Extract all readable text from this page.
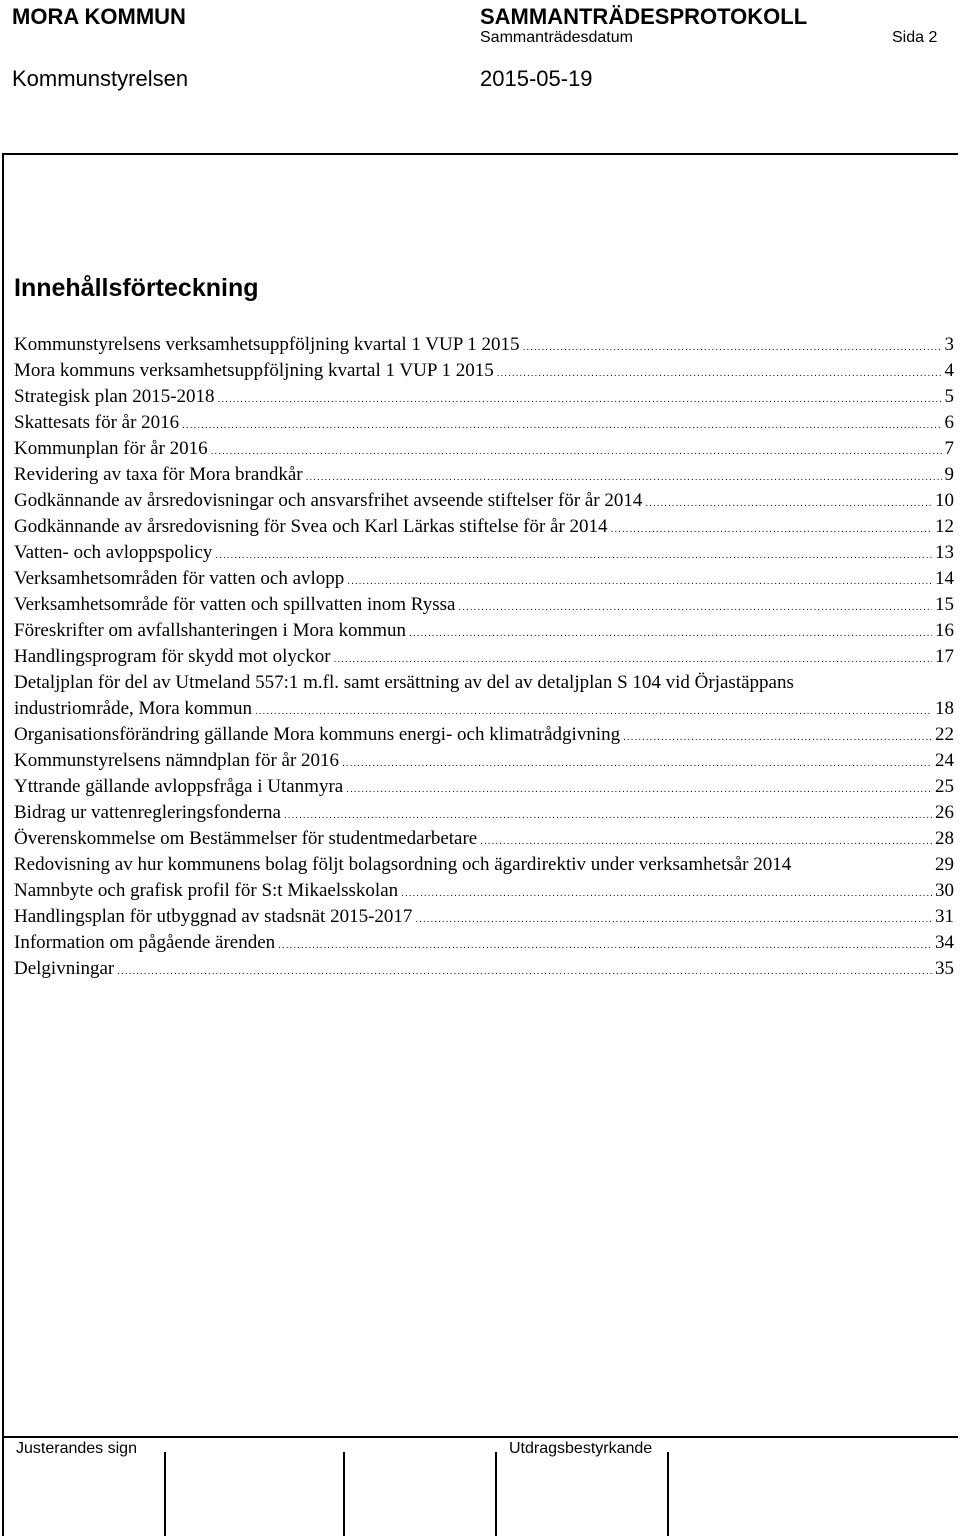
MORA KOMMUN	SAMMANTRÄDESPROTOKOLL
Sammanträdesdatum	Sida 2
Kommunstyrelsen	2015-05-19
Innehållsförteckning
Kommunstyrelsens verksamhetsuppföljning kvartal 1 VUP 1 2015 .....	3
Mora kommuns verksamhetsuppföljning kvartal 1 VUP 1 2015 .....	4
Strategisk plan 2015-2018 .....	5
Skattesats för år 2016 .....	6
Kommunplan för år 2016 .....	7
Revidering av taxa för Mora brandkår .....	9
Godkännande av årsredovisningar och ansvarsfrihet avseende stiftelser för år 2014 .....	10
Godkännande av årsredovisning för Svea och Karl Lärkas stiftelse för år 2014 .....	12
Vatten- och avloppspolicy .....	13
Verksamhetsområden för vatten och avlopp .....	14
Verksamhetsområde för vatten och spillvatten inom Ryssa .....	15
Föreskrifter om avfallshanteringen i Mora kommun .....	16
Handlingsprogram för skydd mot olyckor .....	17
Detaljplan för del av Utmeland 557:1 m.fl. samt ersättning av del av detaljplan S 104 vid Örjastäppans
industriområde, Mora kommun .....	18
Organisationsförändring gällande Mora kommuns energi- och klimatrådgivning .....	22
Kommunstyrelsens nämndplan för år 2016 .....	24
Yttrande gällande avloppsfråga i Utanmyra .....	25
Bidrag ur vattenregleringsfonderna .....	26
Överenskommelse om Bestämmelser för studentmedarbetare .....	28
Redovisning av hur kommunens bolag följt bolagsordning och ägardirektiv under verksamhetsår 2014	29
Namnbyte och grafisk profil för S:t Mikaelsskolan .....	30
Handlingsplan för utbyggnad av stadsnät 2015-2017 .....	31
Information om pågående ärenden .....	34
Delgivningar .....	35
Justerandes sign	Utdragsbestyrkande
